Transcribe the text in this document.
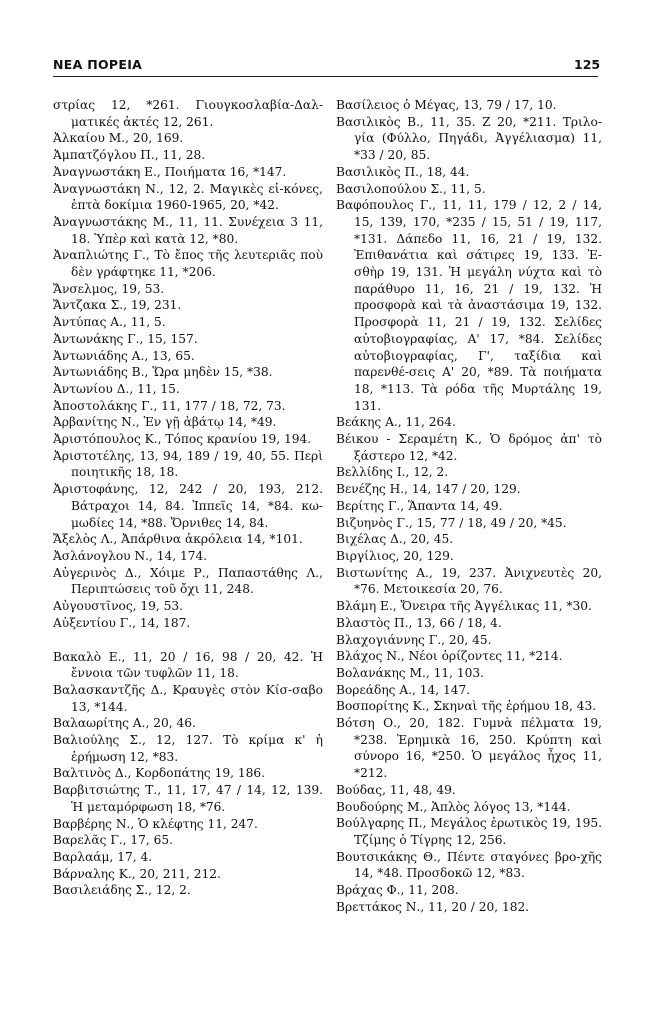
ΝΕΑ ΠΟΡΕΙΑ	125

στρίας 12, *261. Γιουγκοσλαβία-Δαλ-ματικές ἀκτές 12, 261.

Ἀλκαίου Μ., 20, 169.

Ἀμπατζόγλου Π., 11, 28.

Ἀναγνωστάκη Ε., Ποιήματα 16, *147.

Ἀναγνωστάκη Ν., 12, 2. Μαγικὲς εἰ-κόνες, ἑπτὰ δοκίμια 1960-1965, 20, *42.

Ἀναγνωστάκης Μ., 11, 11. Συνέχεια 3 11, 18. Ὑπὲρ καὶ κατὰ 12, *80.

Ἀναπλιώτης Γ., Τὸ ἔπος τῆς λευτεριᾶς ποὺ δὲν γράφτηκε 11, *206.

Ἄνσελμος, 19, 53.

Ἄντζακα Σ., 19, 231.

Ἀντύπας Α., 11, 5.

Ἀντωνάκης Γ., 15, 157.

Ἀντωνιάδης Α., 13, 65.

Ἀντωνιάδης Β., Ὥρα μηδὲν 15, *38.

Ἀντωνίου Δ., 11, 15.

Ἀποστολάκης Γ., 11, 177 / 18, 72, 73.

Ἀρβανίτης Ν., Ἐν γῇ ἀβάτῳ 14, *49.

Ἀριστόπουλος Κ., Τόπος κρανίου 19, 194.

Ἀριστοτέλης, 13, 94, 189 / 19, 40, 55. Περὶ ποιητικῆς 18, 18.

Ἀριστοφάνης, 12, 242 / 20, 193, 212. Βάτραχοι 14, 84. Ἱππεῖς 14, *84. κω-μωδίες 14, *88. Ὄρνιθες 14, 84.

Ἄξελὸς Λ., Ἀπάρθινα ἀκρόλεια 14, *101.

Ἀσλάνογλου Ν., 14, 174.

Αὐγερινὸς Δ., Χόιμε Ρ., Παπαστάθης Λ., Περιπτώσεις τοῦ ὄχι 11, 248.

Αὐγουστῖνος, 19, 53.

Αὐξεντίου Γ., 14, 187.

Βακαλὸ Ε., 11, 20 / 16, 98 / 20, 42. Ἡ ἔννοια τῶν τυφλῶν 11, 18.

Βαλασκαντζῆς Δ., Κραυγὲς στὸν Κίσ-σαβο 13, *144.

Βαλαωρίτης Α., 20, 46.

Βαλιούλης Σ., 12, 127. Τὸ κρίμα κ' ἡ ἐρήμωση 12, *83.

Βαλτινὸς Δ., Κορδοπάτης 19, 186.

Βαρβιτσιώτης Τ., 11, 17, 47 / 14, 12, 139. Ἡ μεταμόρφωση 18, *76.

Βαρβέρης Ν., Ὁ κλέφτης 11, 247.

Βαρελᾶς Γ., 17, 65.

Βαρλαάμ, 17, 4.

Βάρναλης Κ., 20, 211, 212.

Βασιλειάδης Σ., 12, 2.

Βασίλειος ὁ Μέγας, 13, 79 / 17, 10.

Βασιλικὸς Β., 11, 35. Ζ 20, *211. Τριλο-γία (Φύλλο, Πηγάδι, Ἀγγέλιασμα) 11, *33 / 20, 85.

Βασιλικὸς Π., 18, 44.

Βασιλοπούλου Σ., 11, 5.

Βαφόπουλος Γ., 11, 11, 179 / 12, 2 / 14, 15, 139, 170, *235 / 15, 51 / 19, 117, *131. Δάπεδο 11, 16, 21 / 19, 132. Ἐπιθανάτια καὶ σάτιρες 19, 133. Ἐ-σθὴρ 19, 131. Ἡ μεγάλη νύχτα καὶ τὸ παράθυρο 11, 16, 21 / 19, 132. Ἡ προσφορὰ καὶ τὰ ἀναστάσιμα 19, 132. Προσφορὰ 11, 21 / 19, 132. Σελίδες αὐτοβιογραφίας, Α' 17, *84. Σελίδες αὐτοβιογραφίας, Γ', ταξίδια καὶ παρενθέ-σεις Α' 20, *89. Τὰ ποιήματα 18, *113. Τὰ ρόδα τῆς Μυρτάλης 19, 131.

Βεάκης Α., 11, 264.

Βέικου - Σεραμέτη Κ., Ὁ δρόμος ἀπ' τὸ ξάστερο 12, *42.

Βελλίδης Ι., 12, 2.

Βενέζης Η., 14, 147 / 20, 129.

Βερίτης Γ., Ἅπαντα 14, 49.

Βιζυηνὸς Γ., 15, 77 / 18, 49 / 20, *45.

Βιχέλας Δ., 20, 45.

Βιργίλιος, 20, 129.

Βιστωνίτης Α., 19, 237. Ἀνιχνευτὲς 20, *76. Μετοικεσία 20, 76.

Βλάμη Ε., Ὄνειρα τῆς Ἀγγέλικας 11, *30.

Βλαστὸς Π., 13, 66 / 18, 4.

Βλαχογιάννης Γ., 20, 45.

Βλάχος Ν., Νέοι ὁρίζοντες 11, *214.

Βολανάκης Μ., 11, 103.

Βορεάδης Α., 14, 147.

Βοσπορίτης Κ., Σκηναὶ τῆς ἐρήμου 18, 43.

Βότση Ο., 20, 182. Γυμνὰ πέλματα 19, *238. Ἐρημικὰ 16, 250. Κρύπτη καὶ σύνορο 16, *250. Ὁ μεγάλος ἦχος 11, *212.

Βούδας, 11, 48, 49.

Βουδούρης Μ., Ἁπλὸς λόγος 13, *144.

Βούλγαρης Π., Μεγάλος ἐρωτικὸς 19, 195. Τζίμης ὁ Τίγρης 12, 256.

Βουτσικάκης Θ., Πέντε σταγόνες βρο-χῆς 14, *48. Προσδοκῶ 12, *83.

Βράχας Φ., 11, 208.

Βρεττάκος Ν., 11, 20 / 20, 182.
